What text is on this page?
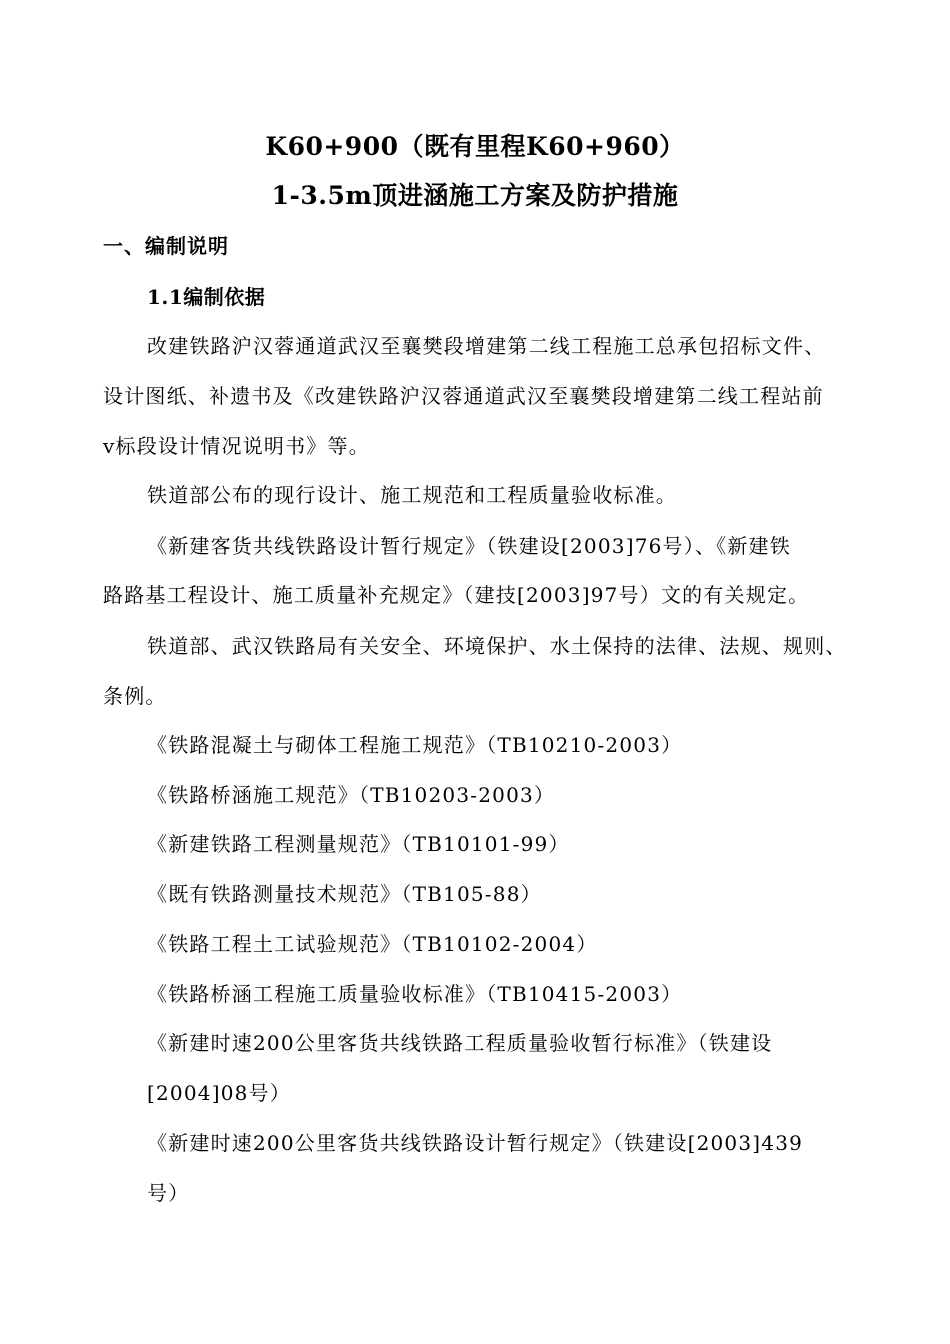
K60+900（既有里程K60+960）
1-3.5m顶进涵施工方案及防护措施
一、编制说明
1.1编制依据
改建铁路沪汉蓉通道武汉至襄樊段增建第二线工程施工总承包招标文件、
设计图纸、补遗书及《改建铁路沪汉蓉通道武汉至襄樊段增建第二线工程站前
v标段设计情况说明书》等。
铁道部公布的现行设计、施工规范和工程质量验收标准。
《新建客货共线铁路设计暂行规定》（铁建设[2003]76号）、《新建铁
路路基工程设计、施工质量补充规定》（建技[2003]97号）文的有关规定。
铁道部、武汉铁路局有关安全、环境保护、水土保持的法律、法规、规则、
条例。
《铁路混凝土与砌体工程施工规范》（TB10210-2003）
《铁路桥涵施工规范》（TB10203-2003）
《新建铁路工程测量规范》（TB10101-99）
《既有铁路测量技术规范》（TB105-88）
《铁路工程土工试验规范》（TB10102-2004）
《铁路桥涵工程施工质量验收标准》（TB10415-2003）
《新建时速200公里客货共线铁路工程质量验收暂行标准》（铁建设
[2004]08号）
《新建时速200公里客货共线铁路设计暂行规定》（铁建设[2003]439
号）
